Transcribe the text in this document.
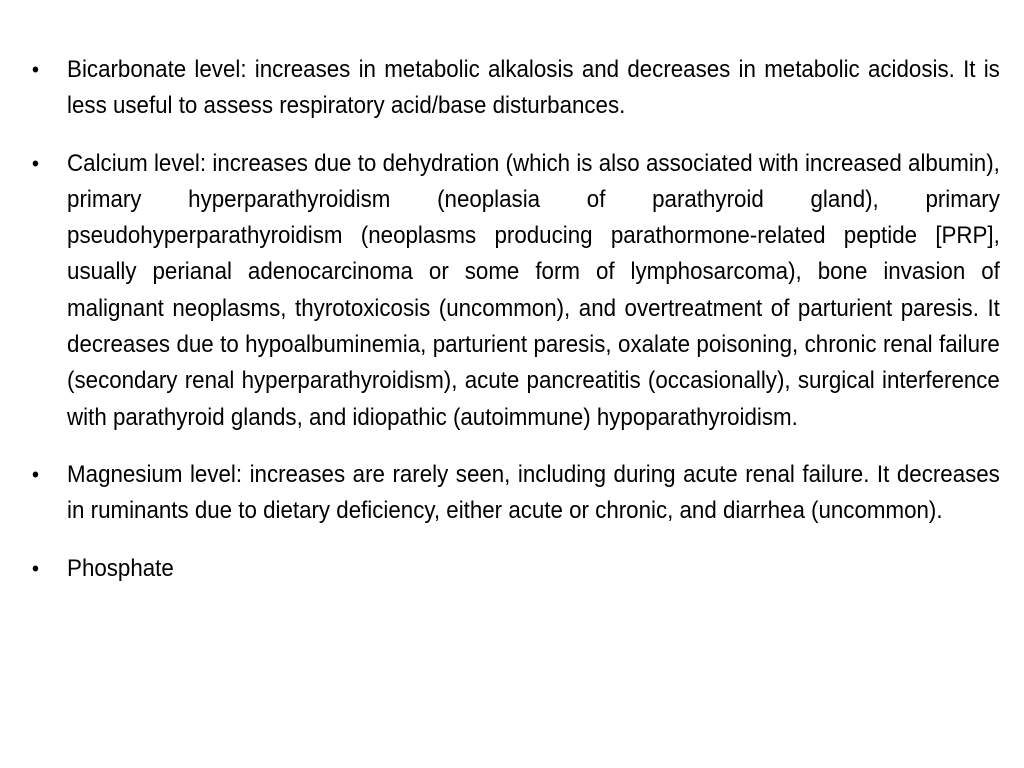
• Bicarbonate level: increases in metabolic alkalosis and decreases in metabolic acidosis. It is less useful to assess respiratory acid/base disturbances.
• Calcium level: increases due to dehydration (which is also associated with increased albumin), primary hyperparathyroidism (neoplasia of parathyroid gland), primary pseudohyperparathyroidism (neoplasms producing parathormone-related peptide [PRP], usually perianal adenocarcinoma or some form of lymphosarcoma), bone invasion of malignant neoplasms, thyrotoxicosis (uncommon), and overtreatment of parturient paresis. It decreases due to hypoalbuminemia, parturient paresis, oxalate poisoning, chronic renal failure (secondary renal hyperparathyroidism), acute pancreatitis (occasionally), surgical interference with parathyroid glands, and idiopathic (autoimmune) hypoparathyroidism.
• Magnesium level: increases are rarely seen, including during acute renal failure. It decreases in ruminants due to dietary deficiency, either acute or chronic, and diarrhea (uncommon).
• Phosphate
